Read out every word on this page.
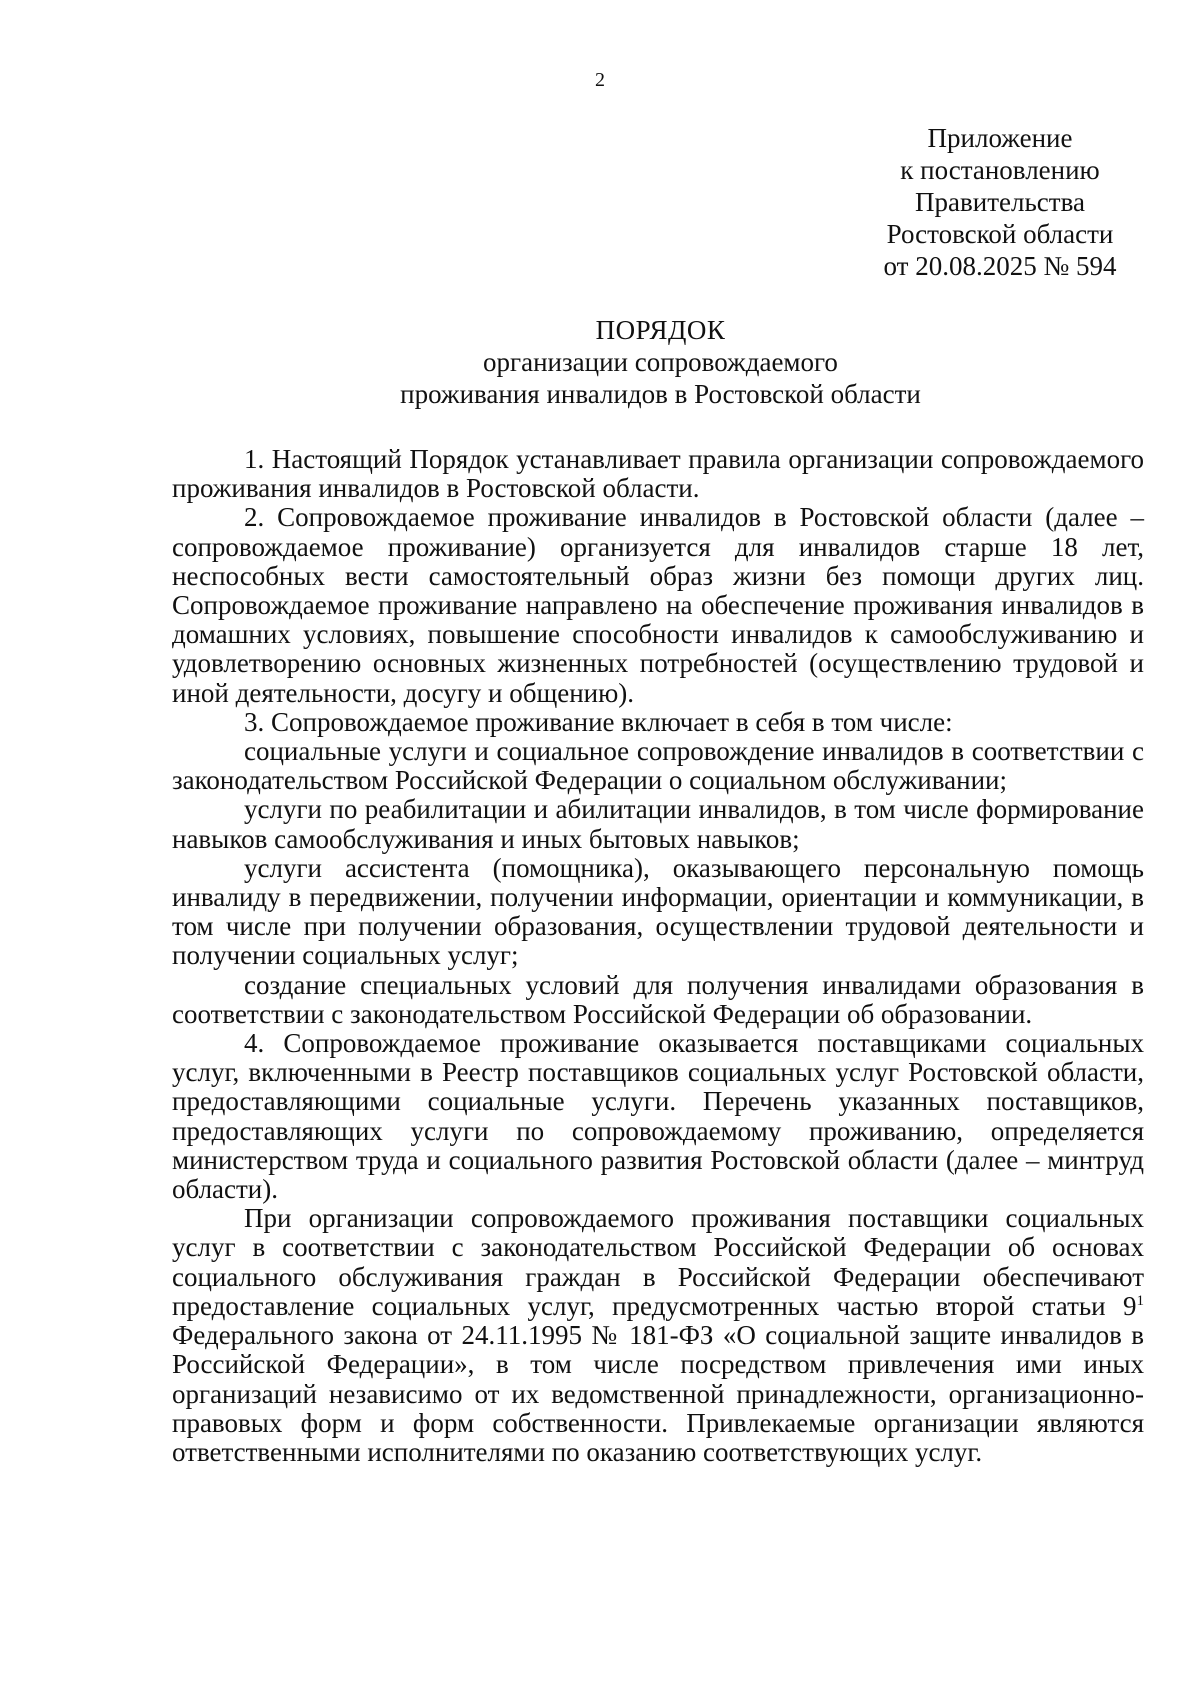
2
Приложение
к постановлению
Правительства
Ростовской области
от 20.08.2025 № 594
ПОРЯДОК
организации сопровождаемого
проживания инвалидов в Ростовской области

1. Настоящий Порядок устанавливает правила организации сопровождаемого проживания инвалидов в Ростовской области.

2. Сопровождаемое проживание инвалидов в Ростовской области (далее – сопровождаемое проживание) организуется для инвалидов старше 18 лет, неспособных вести самостоятельный образ жизни без помощи других лиц. Сопровождаемое проживание направлено на обеспечение проживания инвалидов в домашних условиях, повышение способности инвалидов к самообслуживанию и удовлетворению основных жизненных потребностей (осуществлению трудовой и иной деятельности, досугу и общению).

3. Сопровождаемое проживание включает в себя в том числе:

социальные услуги и социальное сопровождение инвалидов в соответствии с законодательством Российской Федерации о социальном обслуживании;

услуги по реабилитации и абилитации инвалидов, в том числе формирование навыков самообслуживания и иных бытовых навыков;

услуги ассистента (помощника), оказывающего персональную помощь инвалиду в передвижении, получении информации, ориентации и коммуникации, в том числе при получении образования, осуществлении трудовой деятельности и получении социальных услуг;

создание специальных условий для получения инвалидами образования в соответствии с законодательством Российской Федерации об образовании.

4. Сопровождаемое проживание оказывается поставщиками социальных услуг, включенными в Реестр поставщиков социальных услуг Ростовской области, предоставляющими социальные услуги. Перечень указанных поставщиков, предоставляющих услуги по сопровождаемому проживанию, определяется министерством труда и социального развития Ростовской области (далее – минтруд области).

При организации сопровождаемого проживания поставщики социальных услуг в соответствии с законодательством Российской Федерации об основах социального обслуживания граждан в Российской Федерации обеспечивают предоставление социальных услуг, предусмотренных частью второй статьи $9^1$ Федерального закона от 24.11.1995 № 181-ФЗ «О социальной защите инвалидов в Российской Федерации», в том числе посредством привлечения ими иных организаций независимо от их ведомственной принадлежности, организационно-правовых форм и форм собственности. Привлекаемые организации являются ответственными исполнителями по оказанию соответствующих услуг.
